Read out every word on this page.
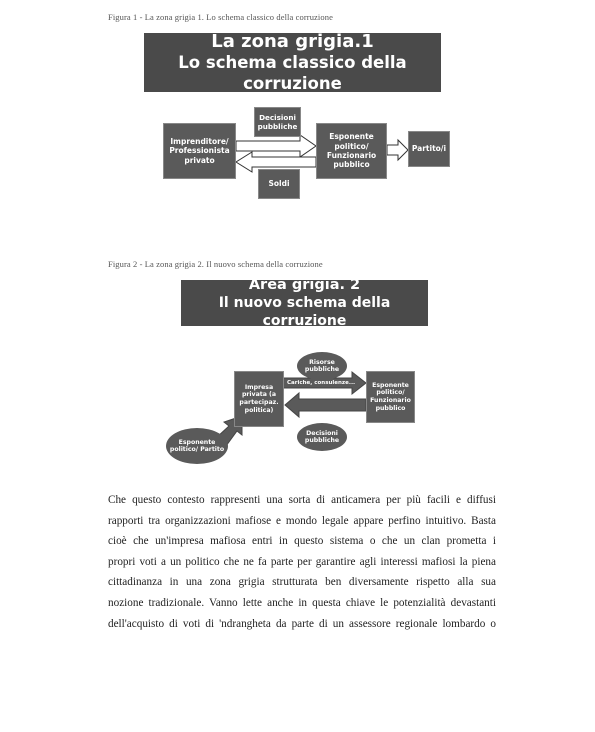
Figura 1 - La zona grigia 1. Lo schema classico della corruzione
La zona grigia.1
Lo schema classico della corruzione
Imprenditore/ Professionista privato
Decisioni pubbliche
Esponente politico/ Funzionario pubblico
Partito/i
Soldi
Figura 2 - La zona grigia 2. Il nuovo schema della corruzione
Area grigia. 2
Il nuovo schema della corruzione
Risorse pubbliche
Impresa privata (a partecipaz. politica)
Cariche, consulenze...	Esponente politico/ Funzionario pubblico
Decisioni pubbliche
Esponente politico/ Partito
Che questo contesto rappresenti una sorta di anticamera per più facili e diffusi
rapporti tra organizzazioni mafiose e mondo legale appare perfino intuitivo. Basta
cioè che un'impresa mafiosa entri in questo sistema o che un clan prometta i
propri voti a un politico che ne fa parte per garantire agli interessi mafiosi la piena
cittadinanza in una zona grigia strutturata ben diversamente rispetto alla sua
nozione tradizionale. Vanno lette anche in questa chiave le potenzialità devastanti
dell'acquisto di voti di 'ndrangheta da parte di un assessore regionale lombardo o
